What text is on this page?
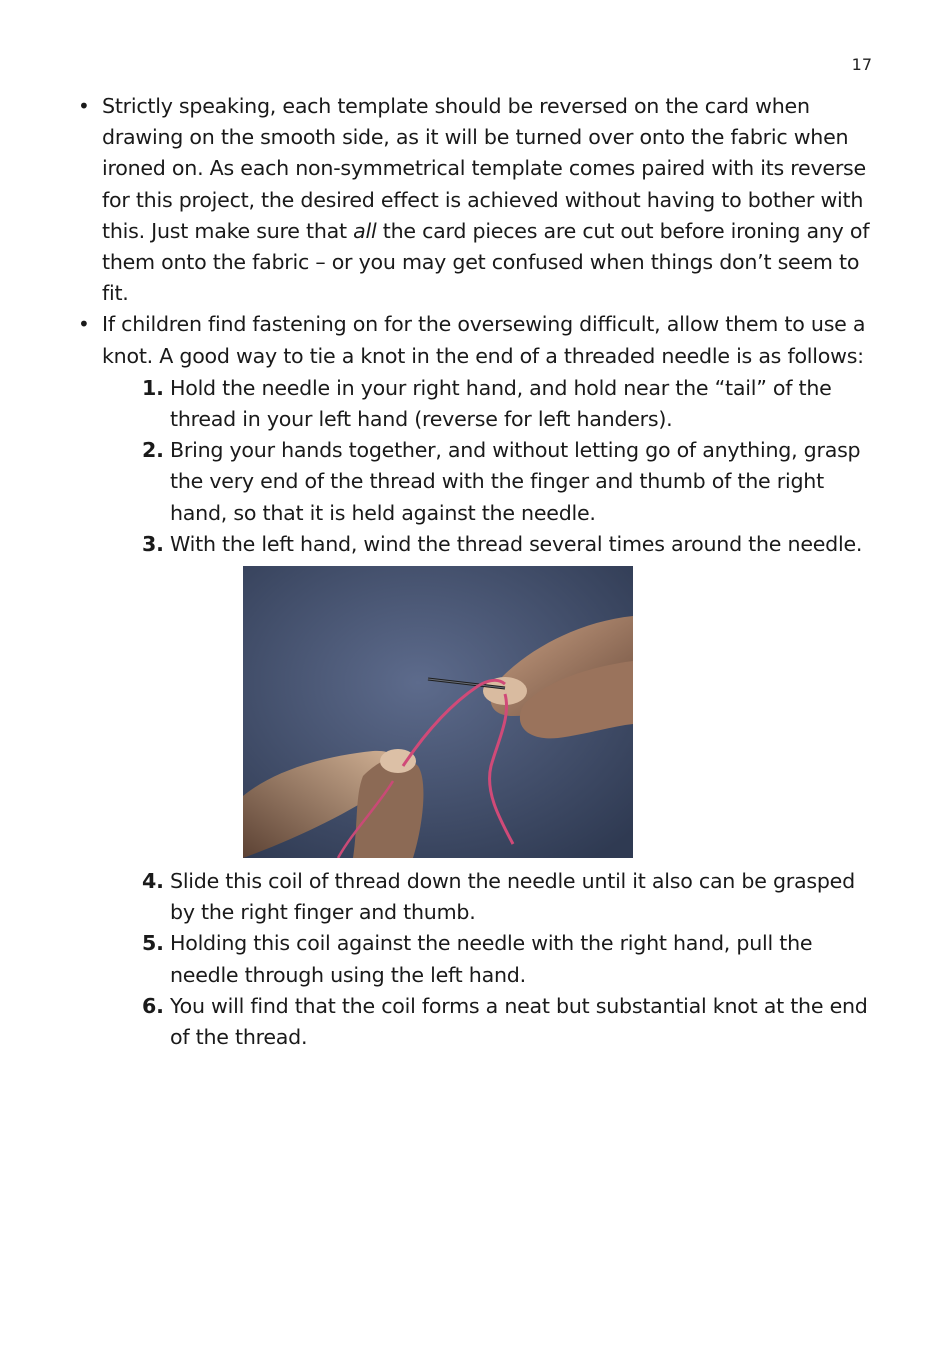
17
• Strictly speaking, each template should be reversed on the card when drawing on the smooth side, as it will be turned over onto the fabric when ironed on. As each non-symmetrical template comes paired with its reverse for this project, the desired effect is achieved without having to bother with this. Just make sure that all the card pieces are cut out before ironing any of them onto the fabric – or you may get confused when things don’t seem to fit.
• If children find fastening on for the oversewing difficult, allow them to use a knot. A good way to tie a knot in the end of a threaded needle is as follows:
1. Hold the needle in your right hand, and hold near the “tail” of the thread in your left hand (reverse for left handers).
2. Bring your hands together, and without letting go of anything, grasp the very end of the thread with the finger and thumb of the right hand, so that it is held against the needle.
3. With the left hand, wind the thread several times around the needle.
4. Slide this coil of thread down the needle until it also can be grasped by the right finger and thumb.
5. Holding this coil against the needle with the right hand, pull the needle through using the left hand.
6. You will find that the coil forms a neat but substantial knot at the end of the thread.
